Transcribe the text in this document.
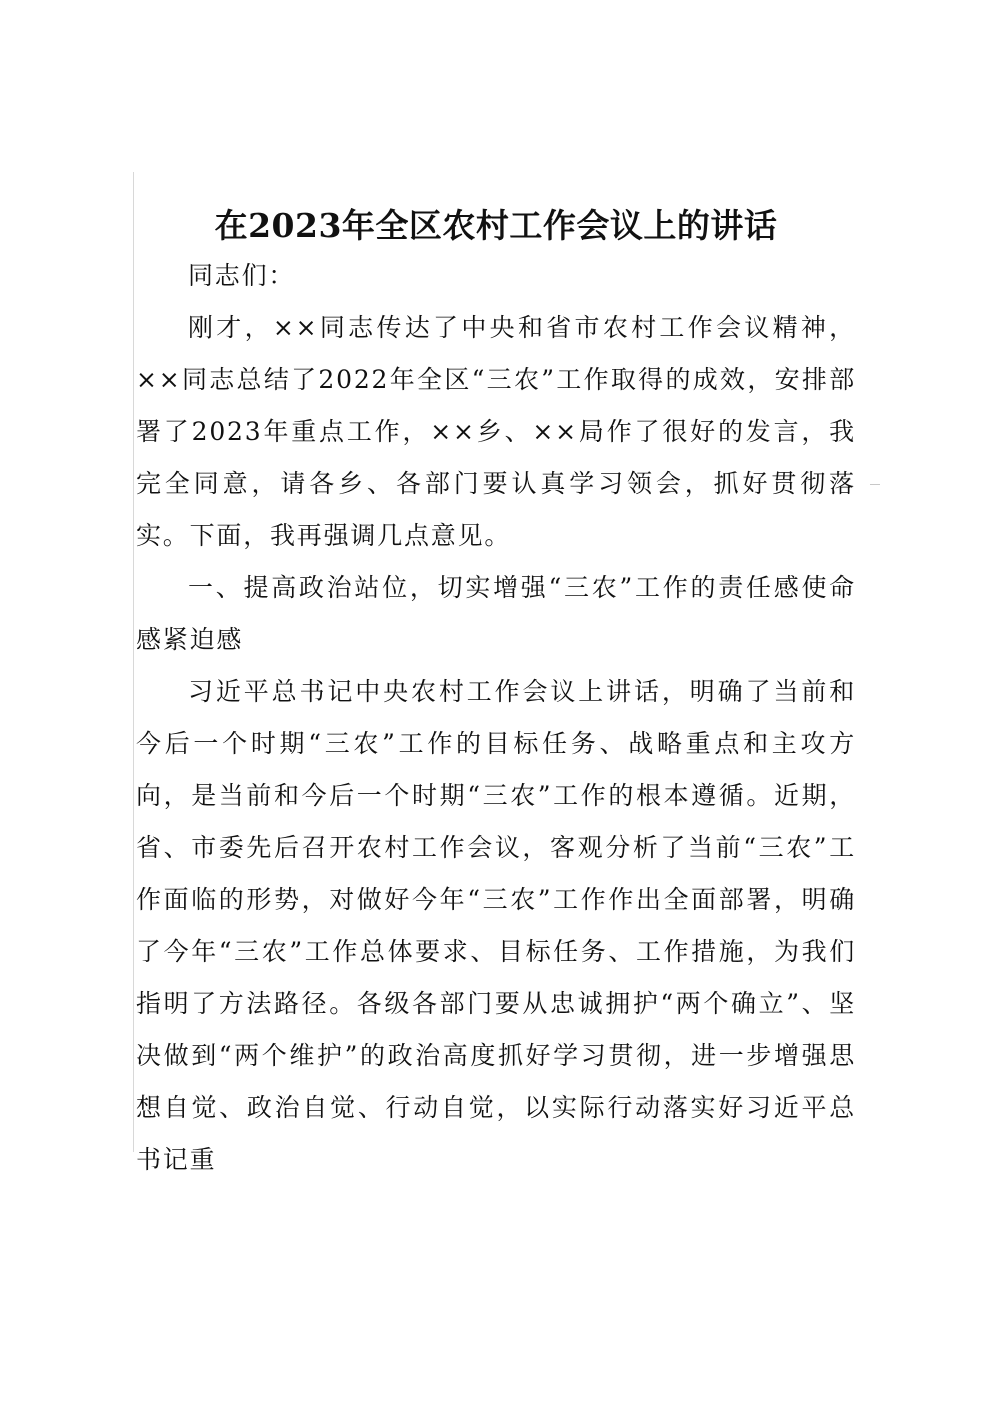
在2023年全区农村工作会议上的讲话

同志们：

刚才，××同志传达了中央和省市农村工作会议精神，××同志总结了2022年全区“三农”工作取得的成效，安排部署了2023年重点工作，××乡、××局作了很好的发言，我完全同意，请各乡、各部门要认真学习领会，抓好贯彻落实。下面，我再强调几点意见。

一、提高政治站位，切实增强“三农”工作的责任感使命感紧迫感

习近平总书记中央农村工作会议上讲话，明确了当前和今后一个时期“三农”工作的目标任务、战略重点和主攻方向，是当前和今后一个时期“三农”工作的根本遵循。近期，省、市委先后召开农村工作会议，客观分析了当前“三农”工作面临的形势，对做好今年“三农”工作作出全面部署，明确了今年“三农”工作总体要求、目标任务、工作措施，为我们指明了方法路径。各级各部门要从忠诚拥护“两个确立”、坚决做到“两个维护”的政治高度抓好学习贯彻，进一步增强思想自觉、政治自觉、行动自觉，以实际行动落实好习近平总书记重
